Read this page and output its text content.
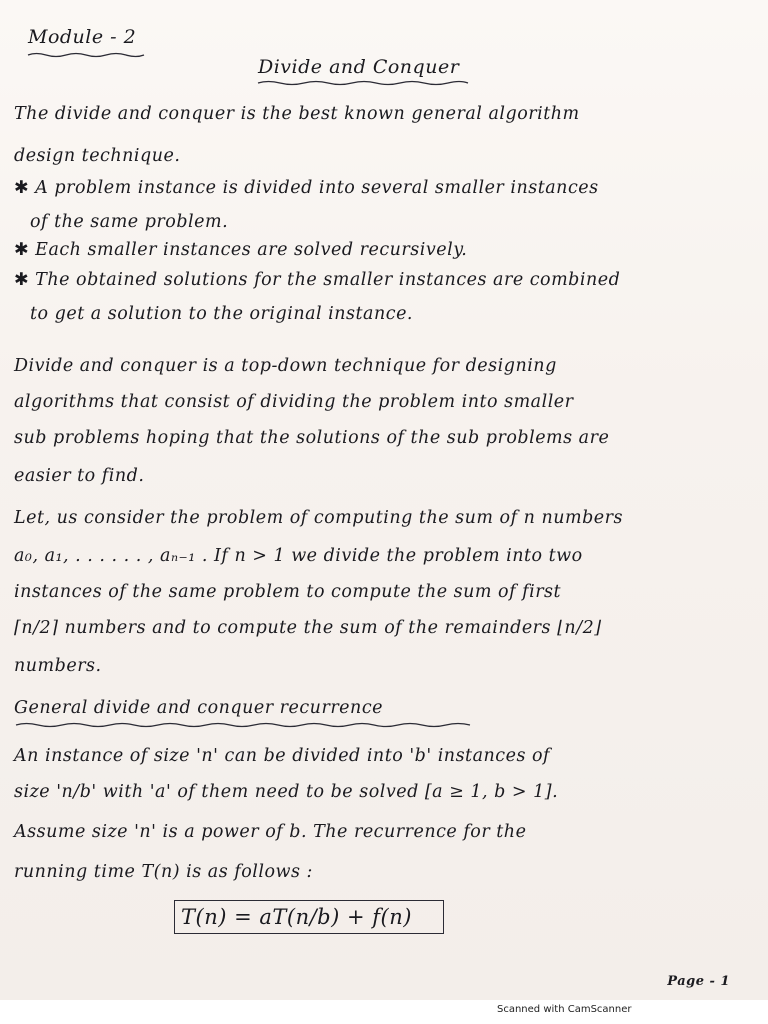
Module - 2
Divide and Conquer
The divide and conquer is the best known general algorithm
design technique.
✱ A problem instance is divided into several smaller instances
of the same problem.
✱ Each smaller instances are solved recursively.
✱ The obtained solutions for the smaller instances are combined
to get a solution to the original instance.
Divide and conquer is a top-down technique for designing
algorithms that consist of dividing the problem into smaller
sub problems hoping that the solutions of the sub problems are
easier to find.
Let, us consider the problem of computing the sum of n numbers
a₀, a₁, . . . . . . , aₙ₋₁ . If n > 1 we divide the problem into two
instances of the same problem to compute the sum of first
⌈n/2⌉ numbers and to compute the sum of the remainders ⌊n/2⌋
numbers.
General divide and conquer recurrence
An instance of size 'n' can be divided into 'b' instances of
size 'n/b' with 'a' of them need to be solved [a ≥ 1, b > 1].
Assume size 'n' is a power of b. The recurrence for the
running time T(n) is as follows :
T(n) = aT(n/b) + f(n)
Page - 1
Scanned with CamScanner
